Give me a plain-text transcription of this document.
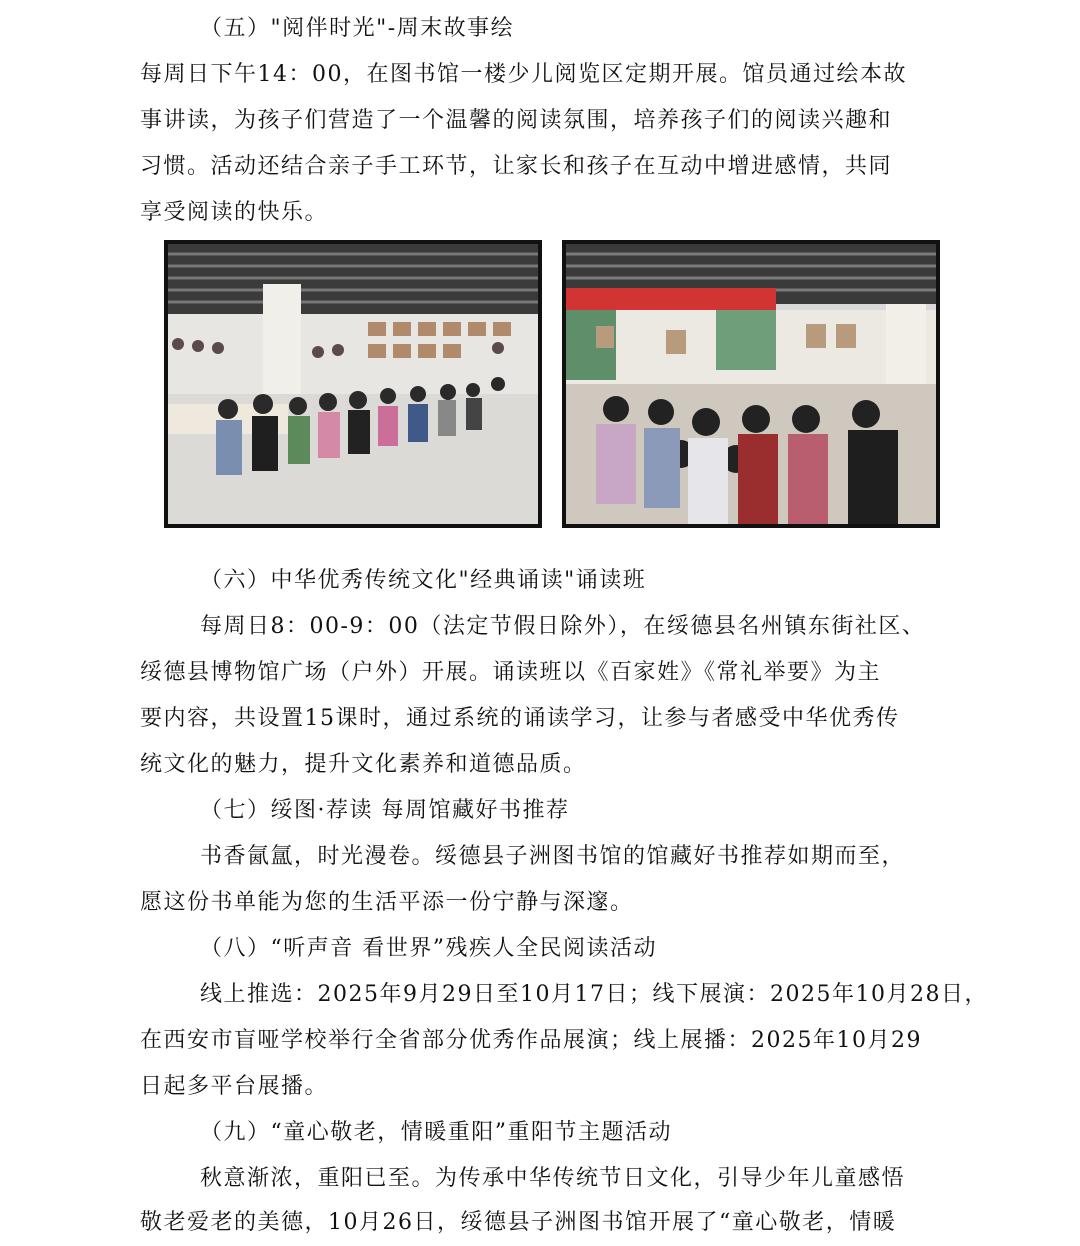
（五）"阅伴时光"-周末故事绘
每周日下午14：00，在图书馆一楼少儿阅览区定期开展。馆员通过绘本故
事讲读，为孩子们营造了一个温馨的阅读氛围，培养孩子们的阅读兴趣和
习惯。活动还结合亲子手工环节，让家长和孩子在互动中增进感情，共同
享受阅读的快乐。
（六）中华优秀传统文化"经典诵读"诵读班
每周日8：00-9：00（法定节假日除外），在绥德县名州镇东街社区、
绥德县博物馆广场（户外）开展。诵读班以《百家姓》《常礼举要》为主
要内容，共设置15课时，通过系统的诵读学习，让参与者感受中华优秀传
统文化的魅力，提升文化素养和道德品质。
（七）绥图·荐读 每周馆藏好书推荐
书香氤氲，时光漫卷。绥德县子洲图书馆的馆藏好书推荐如期而至，
愿这份书单能为您的生活平添一份宁静与深邃。
（八）“听声音 看世界”残疾人全民阅读活动
线上推选：2025年9月29日至10月17日；线下展演：2025年10月28日，
在西安市盲哑学校举行全省部分优秀作品展演；线上展播：2025年10月29
日起多平台展播。
（九）“童心敬老，情暖重阳”重阳节主题活动
秋意渐浓，重阳已至。为传承中华传统节日文化，引导少年儿童感悟
敬老爱老的美德，10月26日，绥德县子洲图书馆开展了“童心敬老，情暖
